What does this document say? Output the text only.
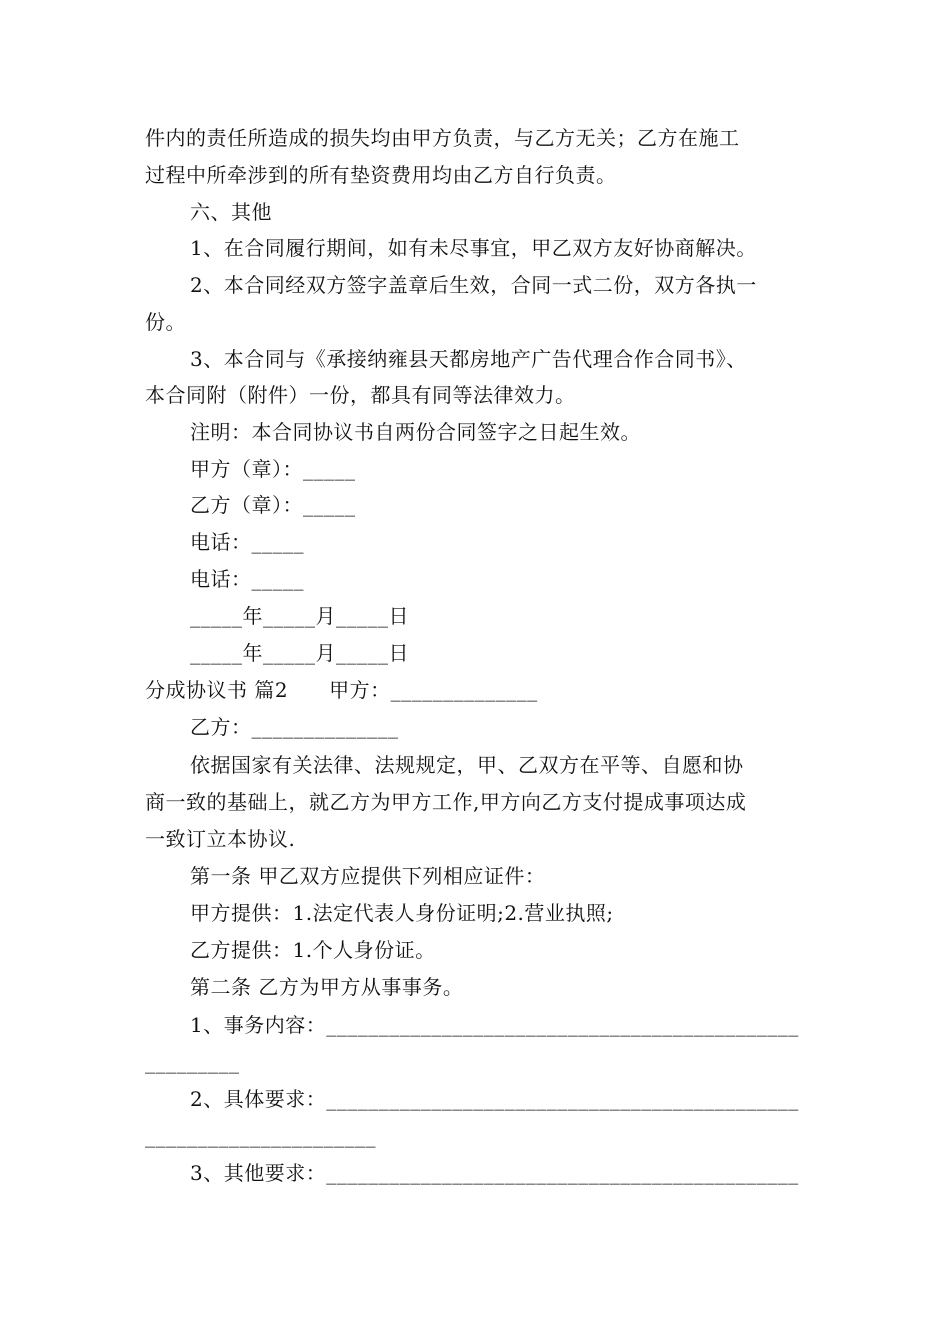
件内的责任所造成的损失均由甲方负责，与乙方无关；乙方在施工
过程中所牵涉到的所有垫资费用均由乙方自行负责。
六、其他
1、在合同履行期间，如有未尽事宜，甲乙双方友好协商解决。
2、本合同经双方签字盖章后生效，合同一式二份，双方各执一
份。
3、本合同与《承接纳雍县天都房地产广告代理合作合同书》、
本合同附（附件）一份，都具有同等法律效力。
注明：本合同协议书自两份合同签字之日起生效。
甲方（章）：_____
乙方（章）：_____
电话：_____
电话：_____
_____年_____月_____日
_____年_____月_____日
分成协议书 篇2　　甲方：______________
乙方：______________
依据国家有关法律、法规规定，甲、乙双方在平等、自愿和协
商一致的基础上，就乙方为甲方工作,甲方向乙方支付提成事项达成
一致订立本协议.
第一条 甲乙双方应提供下列相应证件：
甲方提供：1.法定代表人身份证明;2.营业执照;
乙方提供：1.个人身份证。
第二条 乙方为甲方从事事务。
1、事务内容：_____________________________________________
_________
2、具体要求：_____________________________________________
______________________
3、其他要求：_____________________________________________
